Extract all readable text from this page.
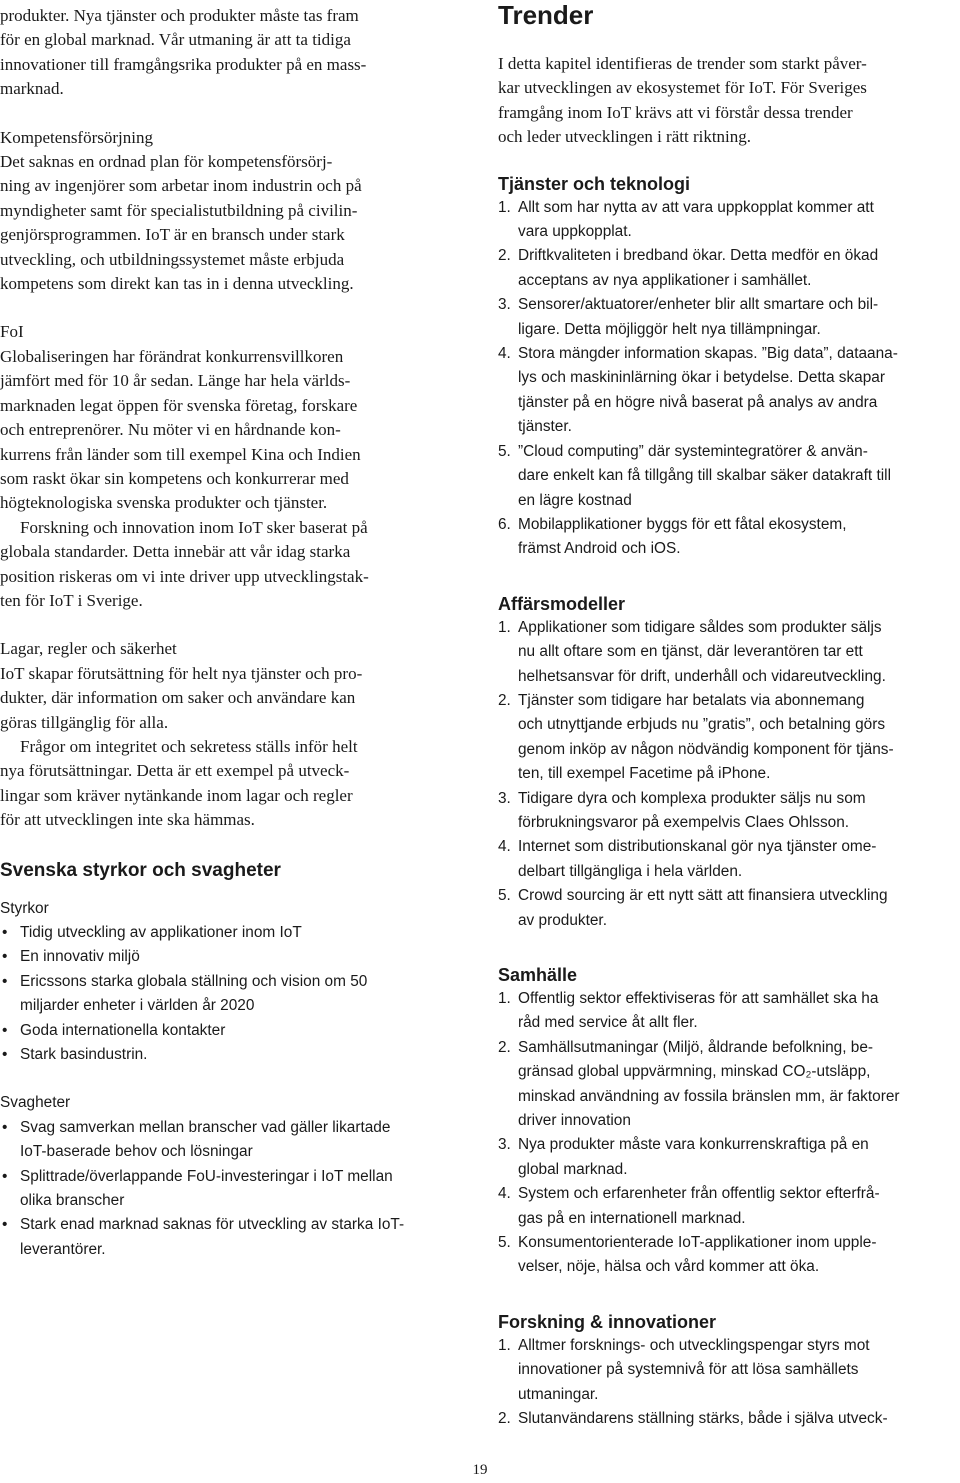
produkter. Nya tjänster och produkter måste tas fram
för en global marknad. Vår utmaning är att ta tidiga
innovationer till framgångsrika produkter på en mass-
marknad.
Kompetensförsörjning
Det saknas en ordnad plan för kompetensförsörj-
ning av ingenjörer som arbetar inom industrin och på
myndigheter samt för specialistutbildning på civilin-
genjörsprogrammen. IoT är en bransch under stark
utveckling, och utbildningssystemet måste erbjuda
kompetens som direkt kan tas in i denna utveckling.
FoI
Globaliseringen har förändrat konkurrensvillkoren
jämfört med för 10 år sedan. Länge har hela världs-
marknaden legat öppen för svenska företag, forskare
och entreprenörer. Nu möter vi en hårdnande kon-
kurrens från länder som till exempel Kina och Indien
som raskt ökar sin kompetens och konkurrerar med
högteknologiska svenska produkter och tjänster.
Forskning och innovation inom IoT sker baserat på
globala standarder. Detta innebär att vår idag starka
position riskeras om vi inte driver upp utvecklingstak-
ten för IoT i Sverige.
Lagar, regler och säkerhet
IoT skapar förutsättning för helt nya tjänster och pro-
dukter, där information om saker och användare kan
göras tillgänglig för alla.
Frågor om integritet och sekretess ställs inför helt
nya förutsättningar. Detta är ett exempel på utveck-
lingar som kräver nytänkande inom lagar och regler
för att utvecklingen inte ska hämmas.
Svenska styrkor och svagheter
Styrkor
• Tidig utveckling av applikationer inom IoT
• En innovativ miljö
• Ericssons starka globala ställning och vision om 50
miljarder enheter i världen år 2020
• Goda internationella kontakter
• Stark basindustrin.
Svagheter
• Svag samverkan mellan branscher vad gäller likartade
IoT-baserade behov och lösningar
• Splittrade/överlappande FoU-investeringar i IoT mellan
olika branscher
• Stark enad marknad saknas för utveckling av starka IoT-
leverantörer.
Trender
I detta kapitel identifieras de trender som starkt påver-
kar utvecklingen av ekosystemet för IoT. För Sveriges
framgång inom IoT krävs att vi förstår dessa trender
och leder utvecklingen i rätt riktning.
Tjänster och teknologi
1. Allt som har nytta av att vara uppkopplat kommer att
vara uppkopplat.
2. Driftkvaliteten i bredband ökar. Detta medför en ökad
acceptans av nya applikationer i samhället.
3. Sensorer/aktuatorer/enheter blir allt smartare och bil-
ligare. Detta möjliggör helt nya tillämpningar.
4. Stora mängder information skapas. ”Big data”, dataana-
lys och maskininlärning ökar i betydelse. Detta skapar
tjänster på en högre nivå baserat på analys av andra
tjänster.
5. ”Cloud computing” där systemintegratörer & använ-
dare enkelt kan få tillgång till skalbar säker datakraft till
en lägre kostnad
6. Mobilapplikationer byggs för ett fåtal ekosystem,
främst Android och iOS.
Affärsmodeller
1. Applikationer som tidigare såldes som produkter säljs
nu allt oftare som en tjänst, där leverantören tar ett
helhetsansvar för drift, underhåll och vidareutveckling.
2. Tjänster som tidigare har betalats via abonnemang
och utnyttjande erbjuds nu ”gratis”, och betalning görs
genom inköp av någon nödvändig komponent för tjäns-
ten, till exempel Facetime på iPhone.
3. Tidigare dyra och komplexa produkter säljs nu som
förbrukningsvaror på exempelvis Claes Ohlsson.
4. Internet som distributionskanal gör nya tjänster ome-
delbart tillgängliga i hela världen.
5. Crowd sourcing är ett nytt sätt att finansiera utveckling
av produkter.
Samhälle
1. Offentlig sektor effektiviseras för att samhället ska ha
råd med service åt allt fler.
2. Samhällsutmaningar (Miljö, åldrande befolkning, be-
gränsad global uppvärmning, minskad CO₂-utsläpp,
minskad användning av fossila bränslen mm, är faktorer
driver innovation
3. Nya produkter måste vara konkurrenskraftiga på en
global marknad.
4. System och erfarenheter från offentlig sektor efterfrå-
gas på en internationell marknad.
5. Konsumentorienterade IoT-applikationer inom upple-
velser, nöje, hälsa och vård kommer att öka.
Forskning & innovationer
1. Alltmer forsknings- och utvecklingspengar styrs mot
innovationer på systemnivå för att lösa samhällets
utmaningar.
2. Slutanvändarens ställning stärks, både i själva utveck-
19
